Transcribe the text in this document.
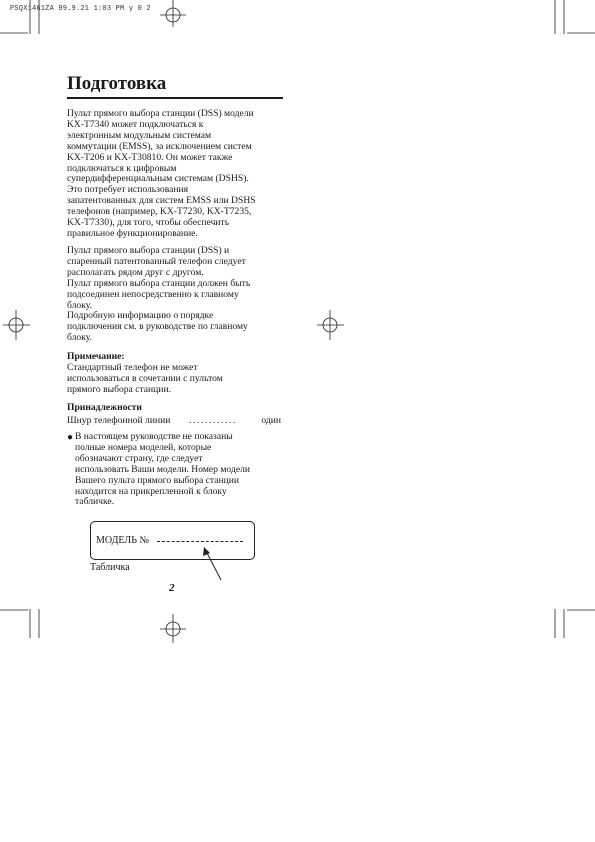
PSQX1461ZA 99.9.21 1:03 PM у 0 2
Подготовка

Пульт прямого выбора станции (DSS) модели
KX-T7340 может подключаться к
электронным модульным системам
коммутации (EMSS), за исключением систем
KX-T206 и KX-T30810. Он может также
подключаться к цифровым
супердифференциальным системам (DSHS).
Это потребует использования
запатентованных для систем EMSS или DSHS
телефонов (например, KX-T7230, KX-T7235,
KX-T7330), для того, чтобы обеспечить
правильное функционирование.

Пульт прямого выбора станции (DSS) и
спаренный патентованный телефон следует
располагать рядом друг с другом.
Пульт прямого выбора станции должен быть
подсоединен непосредственно к главному
блоку.
Подробную информацию о порядке
подключения см. в руководстве по главному
блоку.

Примечание:
Стандартный телефон не может
использоваться в сочетании с пультом
прямого выбора станции.

Принадлежности

Шнур телефонной линии ............	один
● В настоящем руководстве не показаны
полные номера моделей, которые
обозначают страну, где следует
использовать Ваши модели. Номер модели
Вашего пульта прямого выбора станции
находится на прикрепленной к блоку
табличке.

МОДЕЛЬ №
Табличка
2
